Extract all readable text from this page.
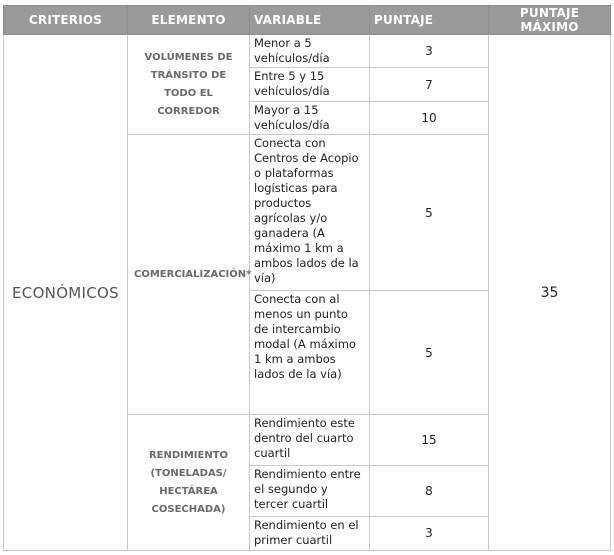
CRITERIOS	ELEMENTO	VARIABLE	PUNTAJE	PUNTAJE MÁXIMO
ECONÓMICOS	VOLÚMENES DE TRÁNSITO DE TODO EL CORREDOR	Menor a 5 vehículos/día	3	35
		Entre 5 y 15 vehículos/día	7	
		Mayor a 15 vehículos/día	10	
	COMERCIALIZACIÓN*	Conecta con Centros de Acopio o plataformas logísticas para productos agrícolas y/o ganadera (A máximo 1 km a ambos lados de la vía)	5	
		Conecta con al menos un punto de intercambio modal (A máximo 1 km a ambos lados de la vía)	5	
	RENDIMIENTO (TONELADAS/ HECTÁREA COSECHADA)	Rendimiento este dentro del cuarto cuartil	15	
		Rendimiento entre el segundo y tercer cuartil	8	
		Rendimiento en el primer cuartil	3	
